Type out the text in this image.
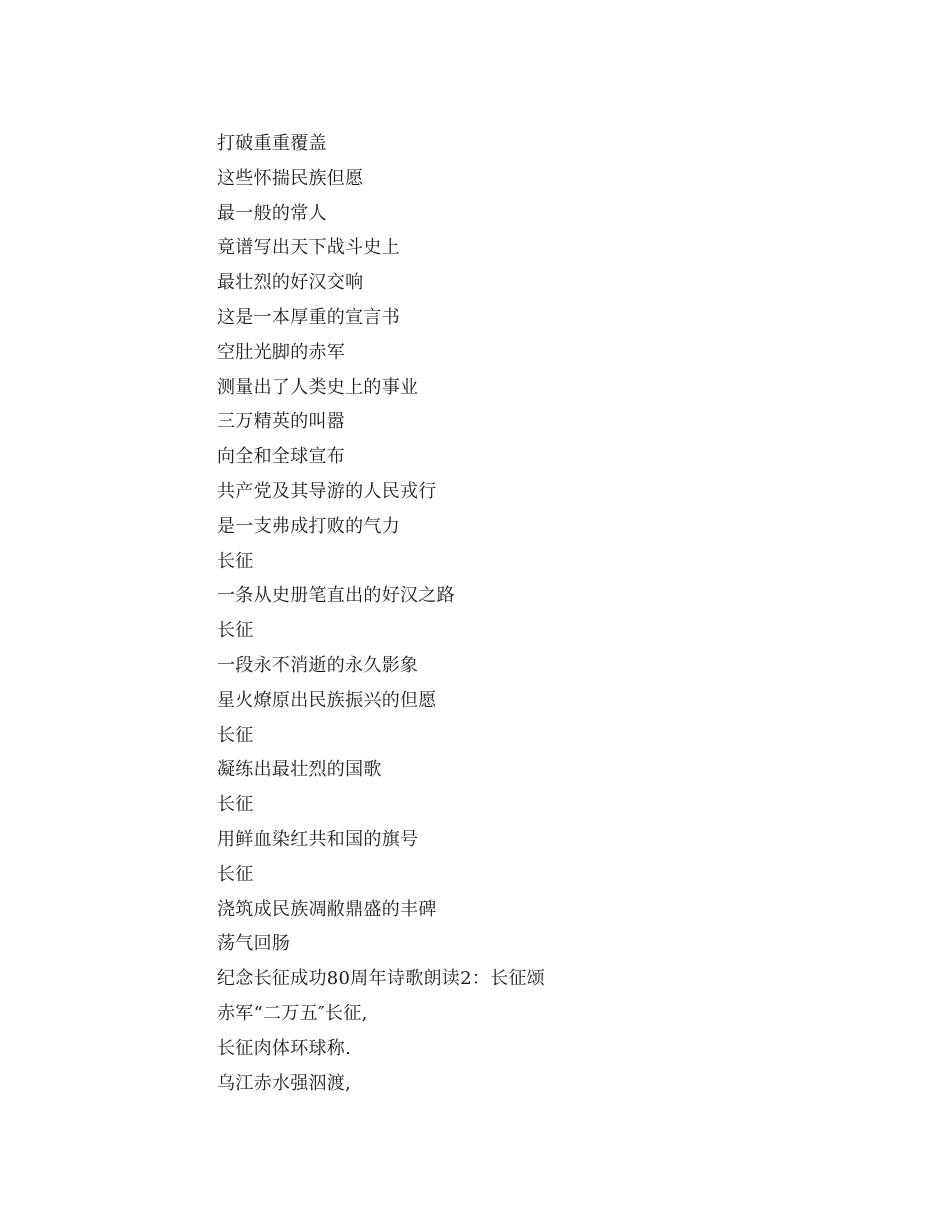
打破重重覆盖
这些怀揣民族但愿
最一般的常人
竟谱写出天下战斗史上
最壮烈的好汉交响
这是一本厚重的宣言书
空肚光脚的赤军
测量出了人类史上的事业
三万精英的叫嚣
向全和全球宣布
共产党及其导游的人民戎行
是一支弗成打败的气力
长征
一条从史册笔直出的好汉之路
长征
一段永不消逝的永久影象
星火燎原出民族振兴的但愿
长征
凝练出最壮烈的国歌
长征
用鲜血染红共和国的旗号
长征
浇筑成民族凋敝鼎盛的丰碑
荡气回肠
纪念长征成功80周年诗歌朗读2：长征颂
赤军“二万五″长征,
长征肉体环球称.
乌江赤水强泅渡,
